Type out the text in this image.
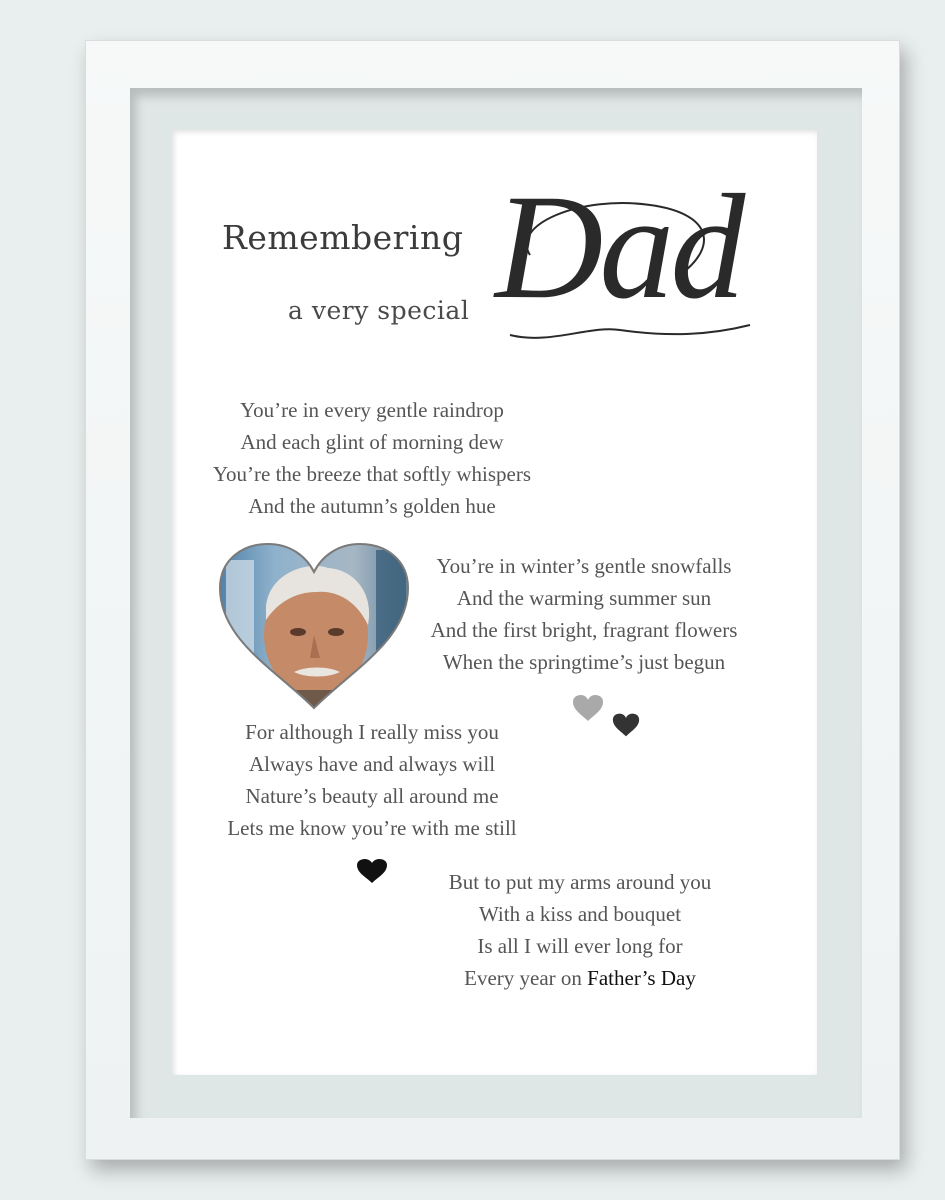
Remembering
a very special Dad
You’re in every gentle raindrop
And each glint of morning dew
You’re the breeze that softly whispers
And the autumn’s golden hue
You’re in winter’s gentle snowfalls
And the warming summer sun
And the first bright, fragrant flowers
When the springtime’s just begun
For although I really miss you
Always have and always will
Nature’s beauty all around me
Lets me know you’re with me still
But to put my arms around you
With a kiss and bouquet
Is all I will ever long for
Every year on Father’s Day
